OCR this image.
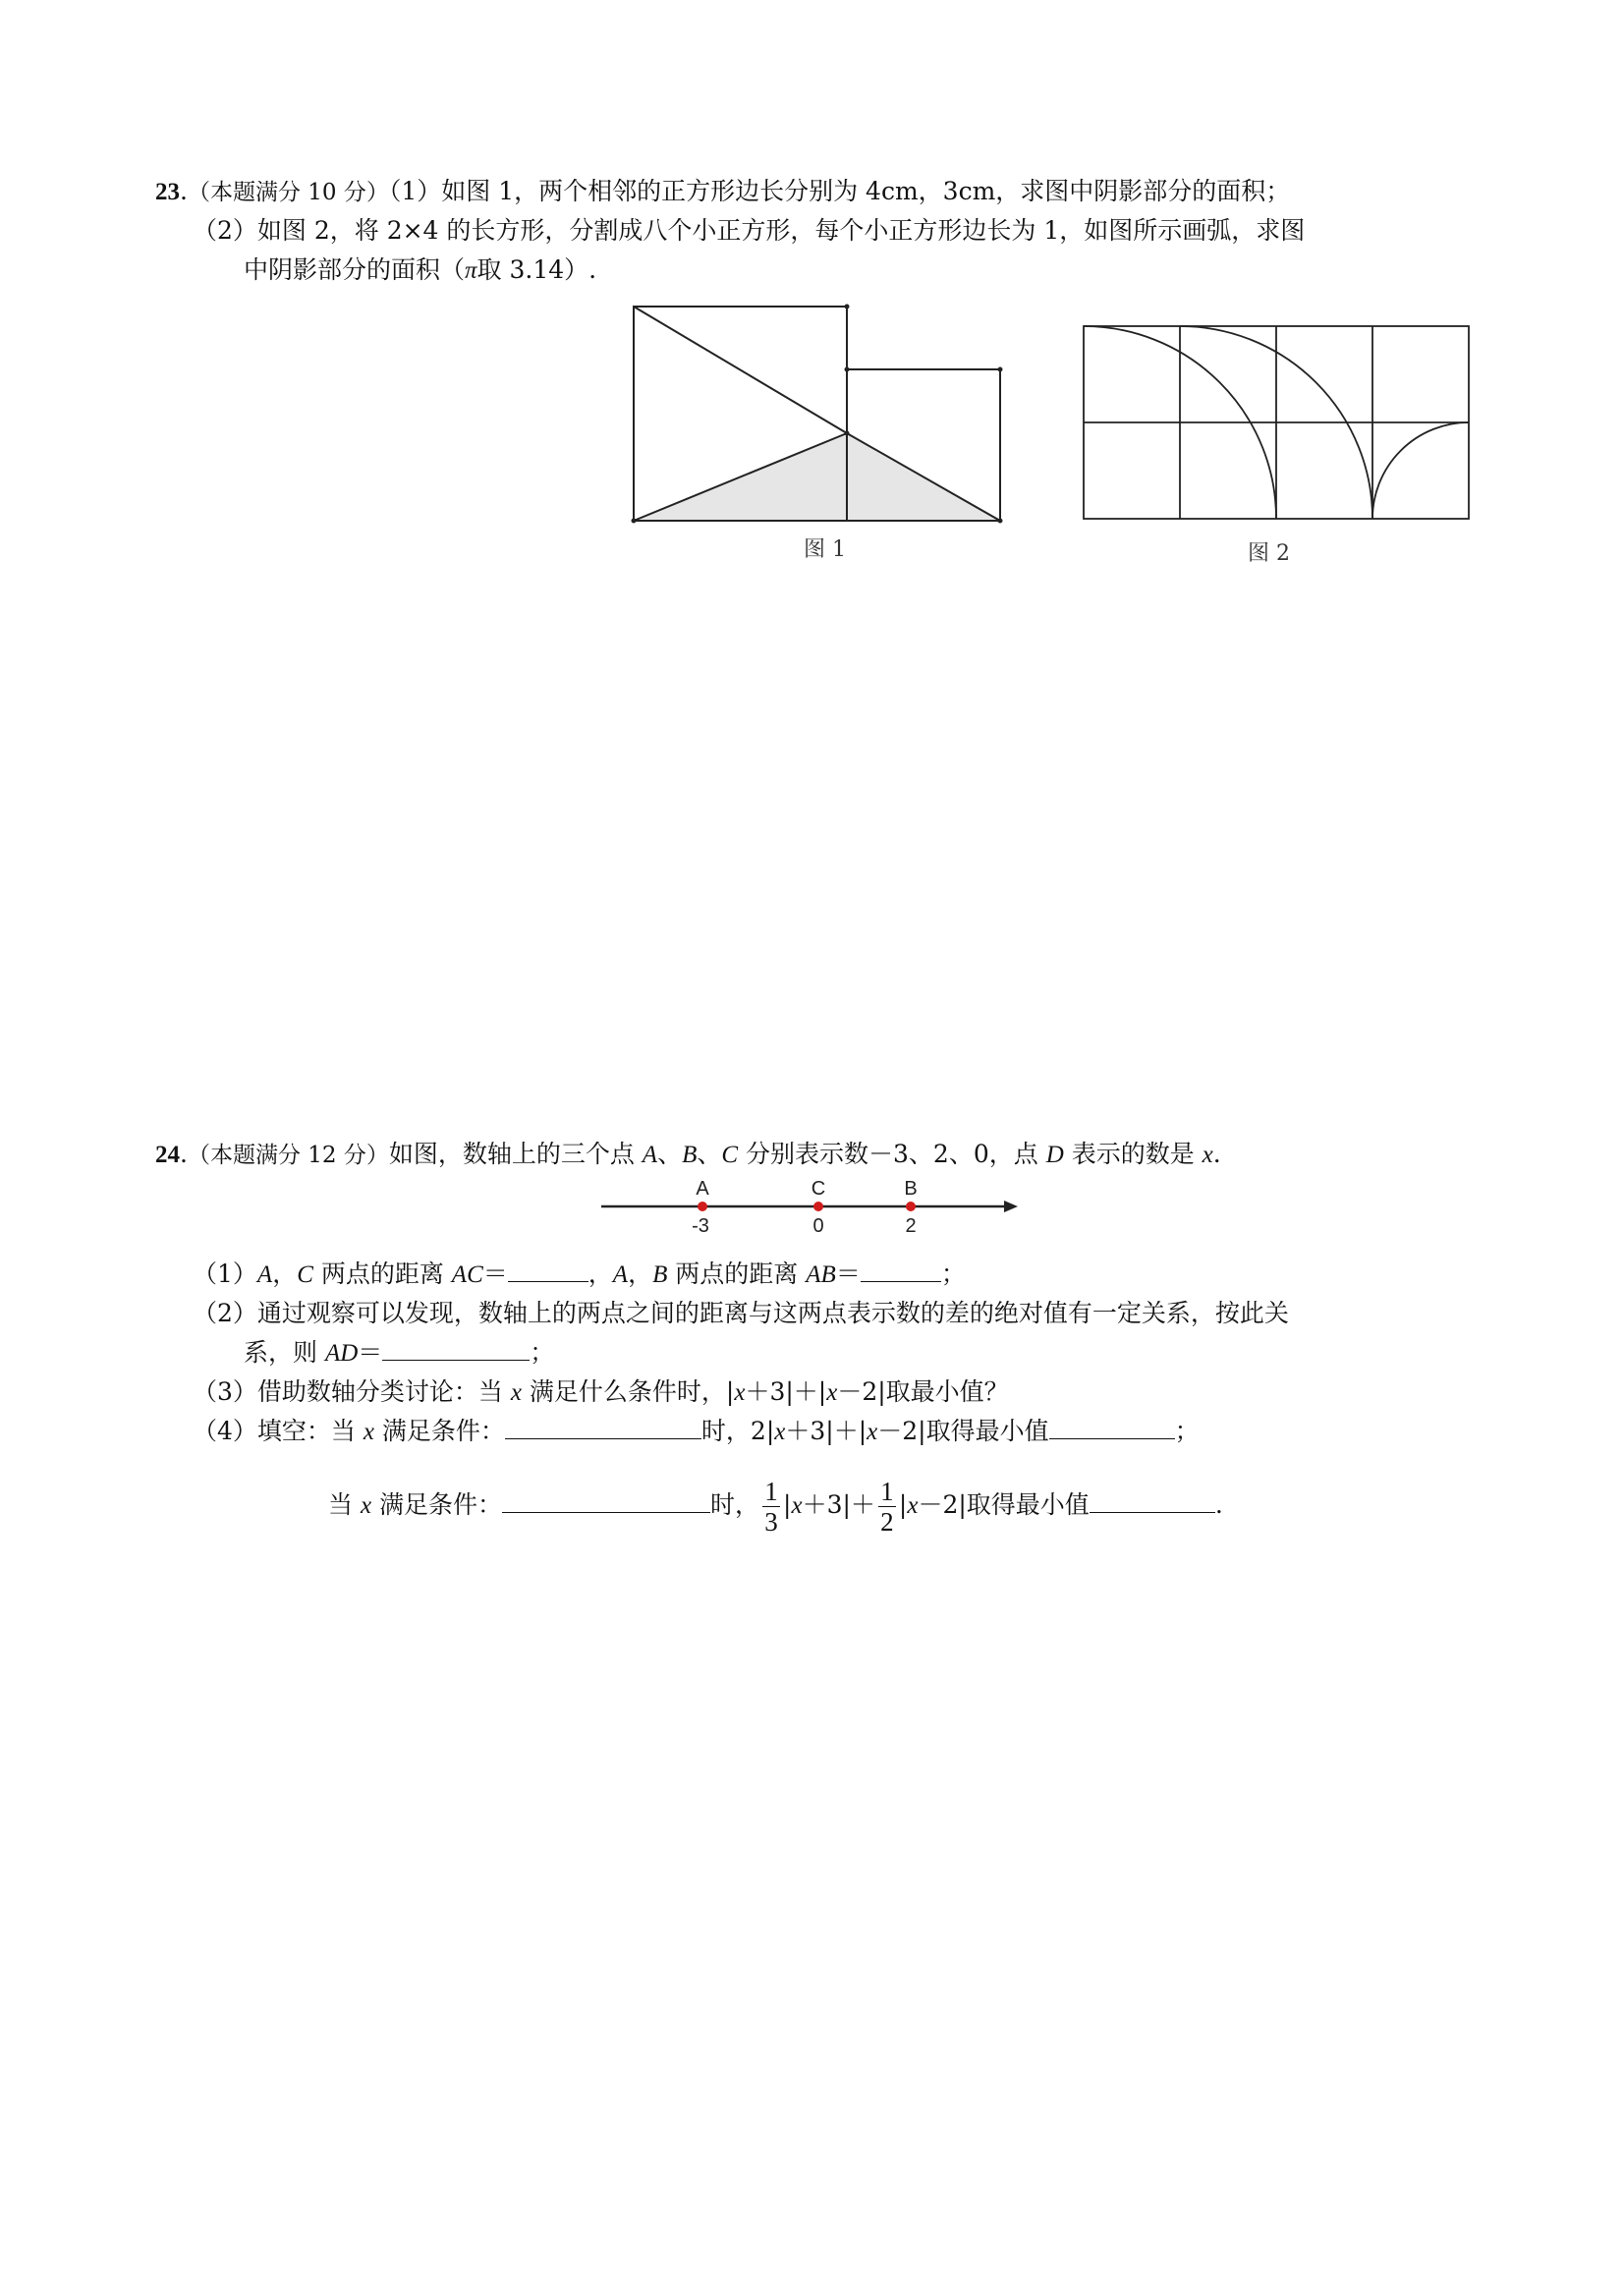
23.（本题满分 10 分）（1）如图 1，两个相邻的正方形边长分别为 4cm，3cm，求图中阴影部分的面积；
（2）如图 2，将 2×4 的长方形，分割成八个小正方形，每个小正方形边长为 1，如图所示画弧，求图
中阴影部分的面积（π取 3.14）.
图 1	图 2
24.（本题满分 12 分）如图，数轴上的三个点 A、B、C 分别表示数－3、2、0，点 D 表示的数是 x.
A	C	B
-3	0	2
（1）A，C 两点的距离 AC＝	，A，B 两点的距离 AB＝	；
（2）通过观察可以发现，数轴上的两点之间的距离与这两点表示数的差的绝对值有一定关系，按此关
系，则 AD＝	；
（3）借助数轴分类讨论：当 x 满足什么条件时，|x＋3|＋|x－2|取最小值？
（4）填空：当 x 满足条件：	时，2|x＋3|＋|x－2|取得最小值	；
当 x 满足条件：	时， $\frac{1}{3} |x+3|+ \frac{1}{2} |x-2|$取得最小值	.
